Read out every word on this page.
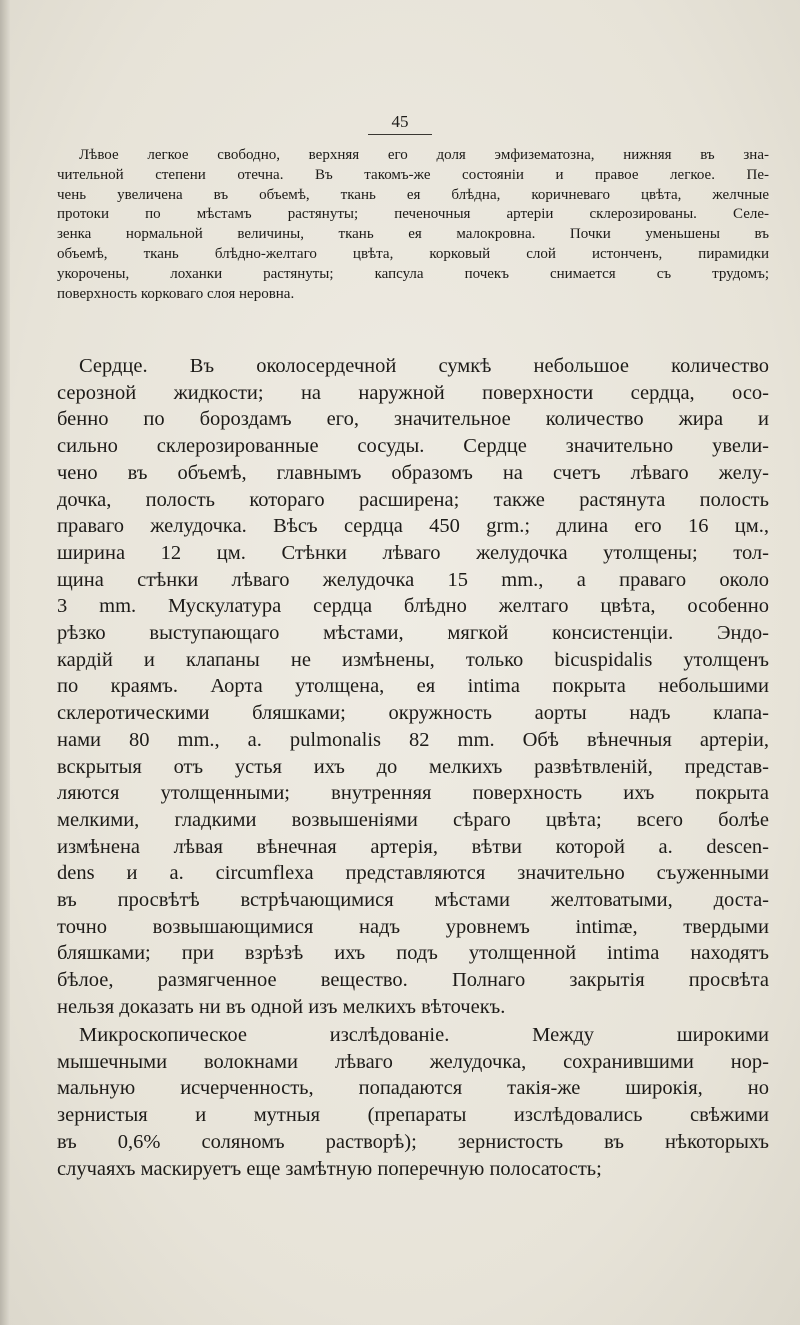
45
Лѣвое легкое свободно, верхняя его доля эмфизематозна, нижняя въ зна-
чительной степени отечна. Въ такомъ-же состояніи и правое легкое. Пе-
чень увеличена въ объемѣ, ткань ея блѣдна, коричневаго цвѣта, желчные
протоки по мѣстамъ растянуты; печеночныя артеріи склерозированы. Селе-
зенка нормальной величины, ткань ея малокровна. Почки уменьшены въ
объемѣ, ткань блѣдно-желтаго цвѣта, корковый слой истонченъ, пирамидки
укорочены, лоханки растянуты; капсула почекъ снимается съ трудомъ;
поверхность корковаго слоя неровна.
Сердце. Въ околосердечной сумкѣ небольшое количество
серозной жидкости; на наружной поверхности сердца, осо-
бенно по бороздамъ его, значительное количество жира и
сильно склерозированные сосуды. Сердце значительно увели-
чено въ объемѣ, главнымъ образомъ на счетъ лѣваго желу-
дочка, полость котораго расширена; также растянута полость
праваго желудочка. Вѣсъ сердца 450 grm.; длина его 16 цм.,
ширина 12 цм. Стѣнки лѣваго желудочка утолщены; тол-
щина стѣнки лѣваго желудочка 15 mm., а праваго около
3 mm. Мускулатура сердца блѣдно желтаго цвѣта, особенно
рѣзко выступающаго мѣстами, мягкой консистенціи. Эндо-
кардій и клапаны не измѣнены, только bicuspidalis утолщенъ
по краямъ. Аорта утолщена, ея intima покрыта небольшими
склеротическими бляшками; окружность аорты надъ клапа-
нами 80 mm., a. pulmonalis 82 mm. Обѣ вѣнечныя артеріи,
вскрытыя отъ устья ихъ до мелкихъ развѣтвленій, представ-
ляются утолщенными; внутренняя поверхность ихъ покрыта
мелкими, гладкими возвышеніями сѣраго цвѣта; всего болѣе
измѣнена лѣвая вѣнечная артерія, вѣтви которой a. descen-
dens и a. circumflexa представляются значительно съуженными
въ просвѣтѣ встрѣчающимися мѣстами желтоватыми, доста-
точно возвышающимися надъ уровнемъ intimæ, твердыми
бляшками; при взрѣзѣ ихъ подъ утолщенной intima находятъ
бѣлое, размягченное вещество. Полнаго закрытія просвѣта
нельзя доказать ни въ одной изъ мелкихъ вѣточекъ.
Микроскопическое изслѣдованіе. Между широкими
мышечными волокнами лѣваго желудочка, сохранившими нор-
мальную исчерченность, попадаются такія-же широкія, но
зернистыя и мутныя (препараты изслѣдовались свѣжими
въ 0,6% соляномъ растворѣ); зернистость въ нѣкоторыхъ
случаяхъ маскируетъ еще замѣтную поперечную полосатость;
